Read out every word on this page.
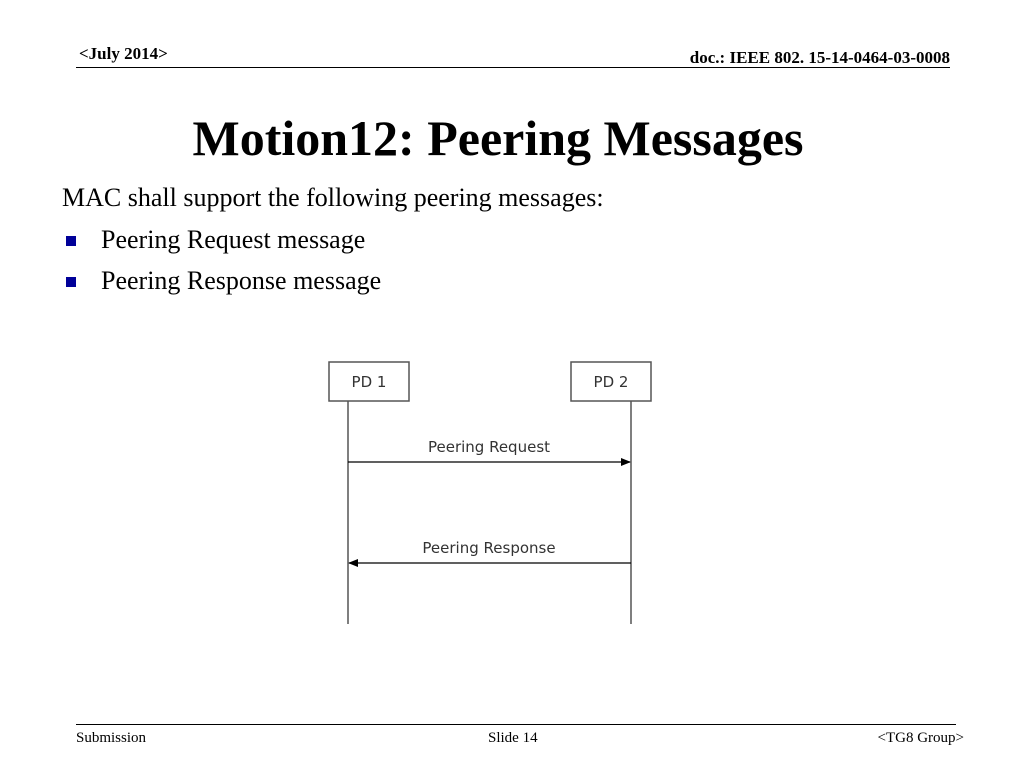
<July 2014>	doc.: IEEE 802. 15-14-0464-03-0008
Motion12: Peering Messages
MAC shall support the following peering messages:
Peering Request message
Peering Response message
PD 1	PD 2
Peering Request
Peering Response
Submission	Slide 14	<TG8 Group>
